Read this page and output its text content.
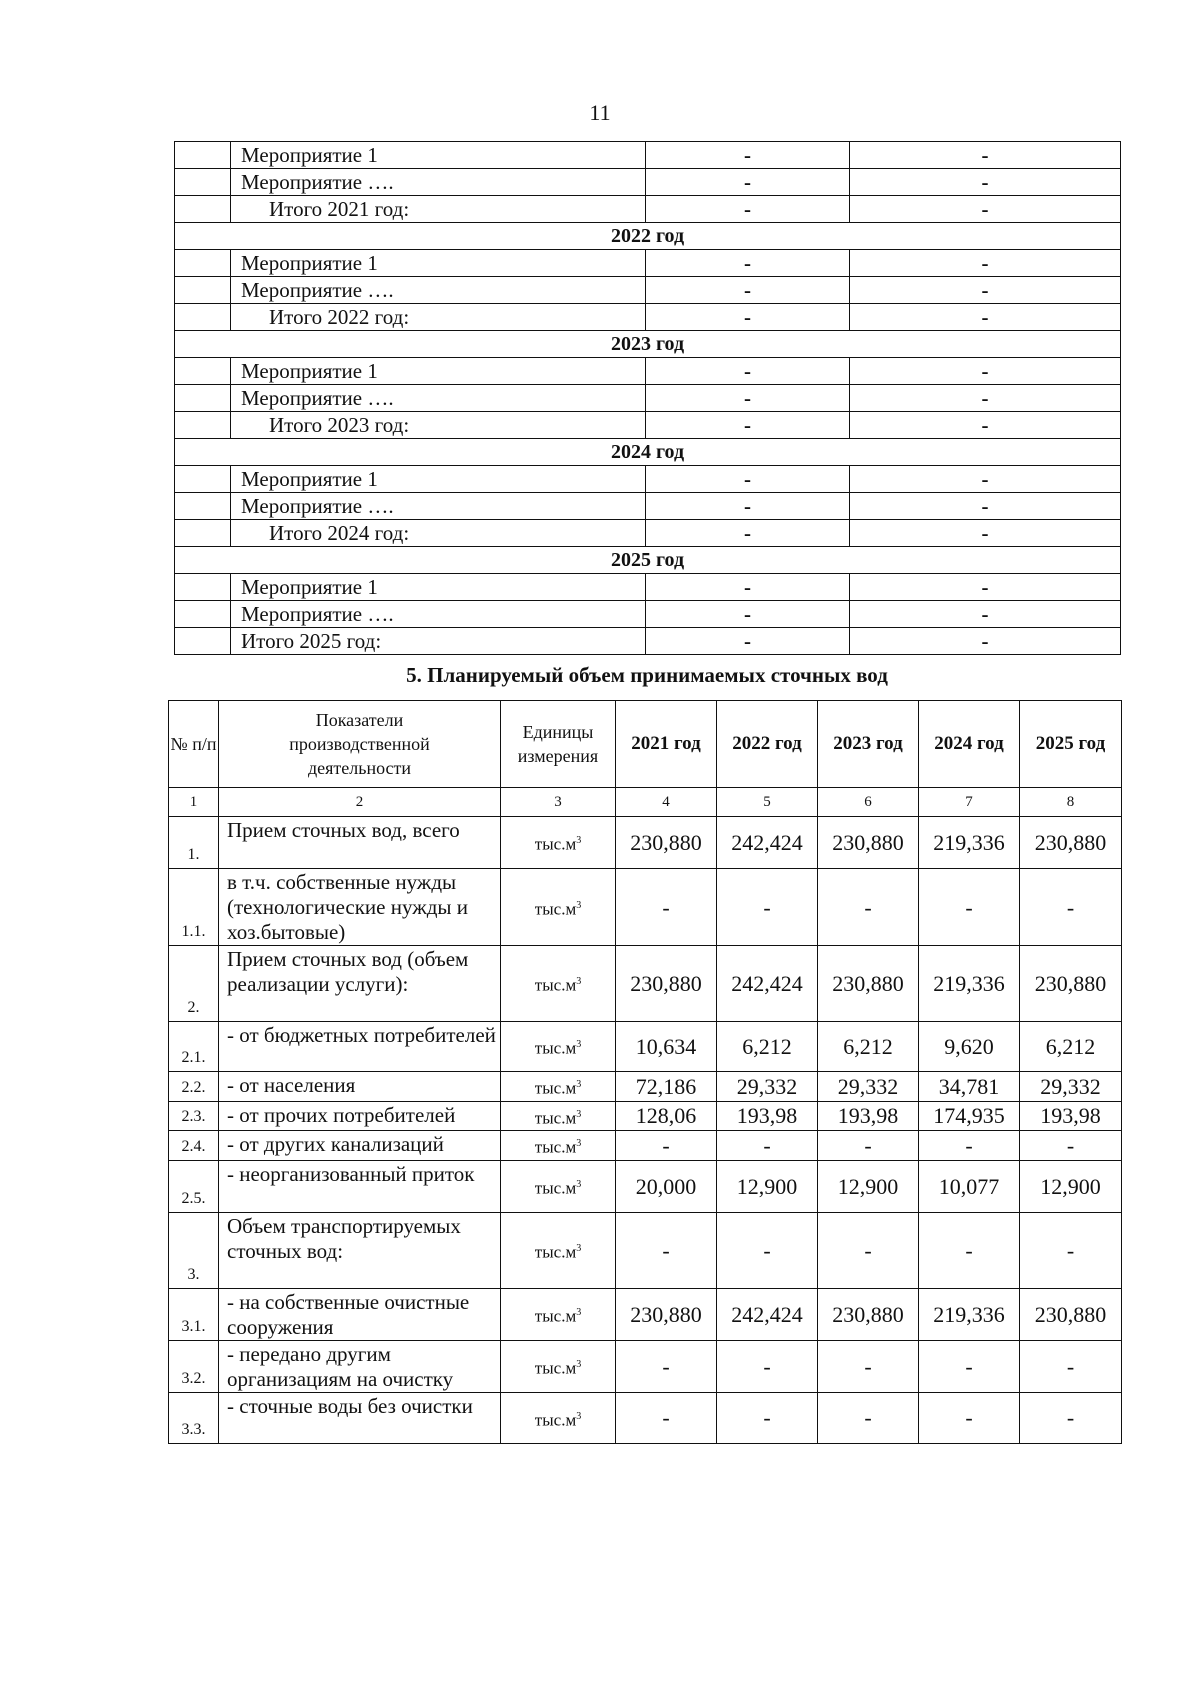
11
	Мероприятие 1	-	-
	Мероприятие ….	-	-
	Итого 2021 год:	-	-
2022 год			
	Мероприятие 1	-	-
	Мероприятие ….	-	-
	Итого 2022 год:	-	-
2023 год			
	Мероприятие 1	-	-
	Мероприятие ….	-	-
	Итого 2023 год:	-	-
2024 год			
	Мероприятие 1	-	-
	Мероприятие ….	-	-
	Итого 2024 год:	-	-
2025 год			
	Мероприятие 1	-	-
	Мероприятие ….	-	-
	Итого 2025 год:	-	-
5. Планируемый объем принимаемых сточных вод
№ п/п	Показатели производственной деятельности	Единицы измерения	2021 год	2022 год	2023 год	2024 год	2025 год
1	2	3	4	5	6	7	8
1.	Прием сточных вод, всего	$тыс.м^3$	230,880	242,424	230,880	219,336	230,880
1.1.	в т.ч. собственные нужды (технологические нужды и хоз.бытовые)	$тыс.м^3$	-	-	-	-	-
2.	Прием сточных вод (объем реализации услуги):	$тыс.м^3$	230,880	242,424	230,880	219,336	230,880
2.1.	- от бюджетных потребителей	$тыс.м^3$	10,634	6,212	6,212	9,620	6,212
2.2.	- от населения	$тыс.м^3$	72,186	29,332	29,332	34,781	29,332
2.3.	- от прочих потребителей	$тыс.м^3$	128,06	193,98	193,98	174,935	193,98
2.4.	- от других канализаций	$тыс.м^3$	-	-	-	-	-
2.5.	- неорганизованный приток	$тыс.м^3$	20,000	12,900	12,900	10,077	12,900
3.	Объем транспортируемых сточных вод:	$тыс.м^3$	-	-	-	-	-
3.1.	- на собственные очистные сооружения	$тыс.м^3$	230,880	242,424	230,880	219,336	230,880
3.2.	- передано другим организациям на очистку	$тыс.м^3$	-	-	-	-	-
3.3.	- сточные воды без очистки	$тыс.м^3$	-	-	-	-	-
